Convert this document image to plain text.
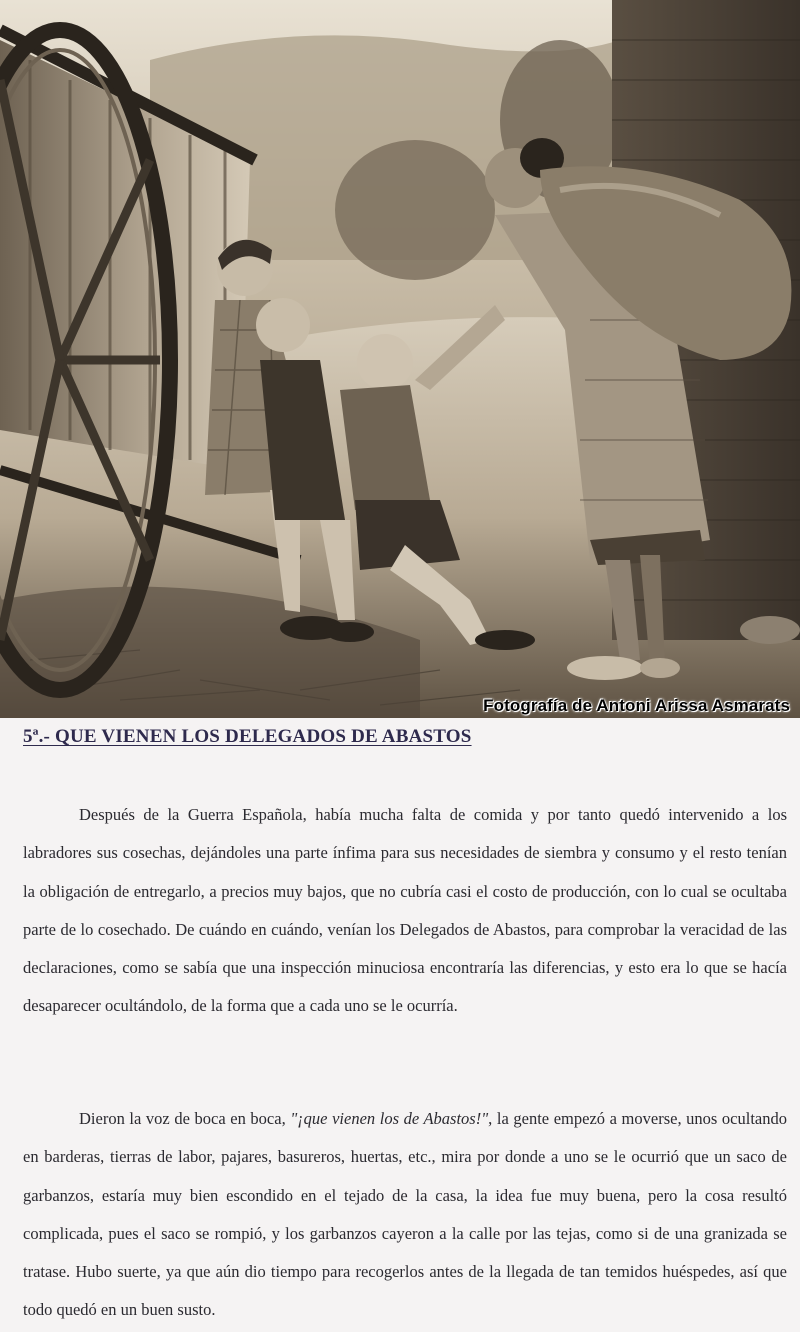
Fotografía de Antoni Arissa Asmarats
5ª.- QUE VIENEN LOS DELEGADOS DE ABASTOS

Después de la Guerra Española, había mucha falta de comida y por tanto quedó intervenido a los labradores sus cosechas, dejándoles una parte ínfima para sus necesidades de siembra y consumo y el resto tenían la obligación de entregarlo, a precios muy bajos, que no cubría casi el costo de producción, con lo cual se ocultaba parte de lo cosechado. De cuándo en cuándo, venían los Delegados de Abastos, para comprobar la veracidad de las declaraciones, como se sabía que una inspección minuciosa encontraría las diferencias, y esto era lo que se hacía desaparecer ocultándolo, de la forma que a cada uno se le ocurría.

Dieron la voz de boca en boca, "¡que vienen los de Abastos!", la gente empezó a moverse, unos ocultando en barderas, tierras de labor, pajares, basureros, huertas, etc., mira por donde a uno se le ocurrió que un saco de garbanzos, estaría muy bien escondido en el tejado de la casa, la idea fue muy buena, pero la cosa resultó complicada, pues el saco se rompió, y los garbanzos cayeron a la calle por las tejas, como si de una granizada se tratase. Hubo suerte, ya que aún dio tiempo para recogerlos antes de la llegada de tan temidos huéspedes, así que todo quedó en un buen susto.
